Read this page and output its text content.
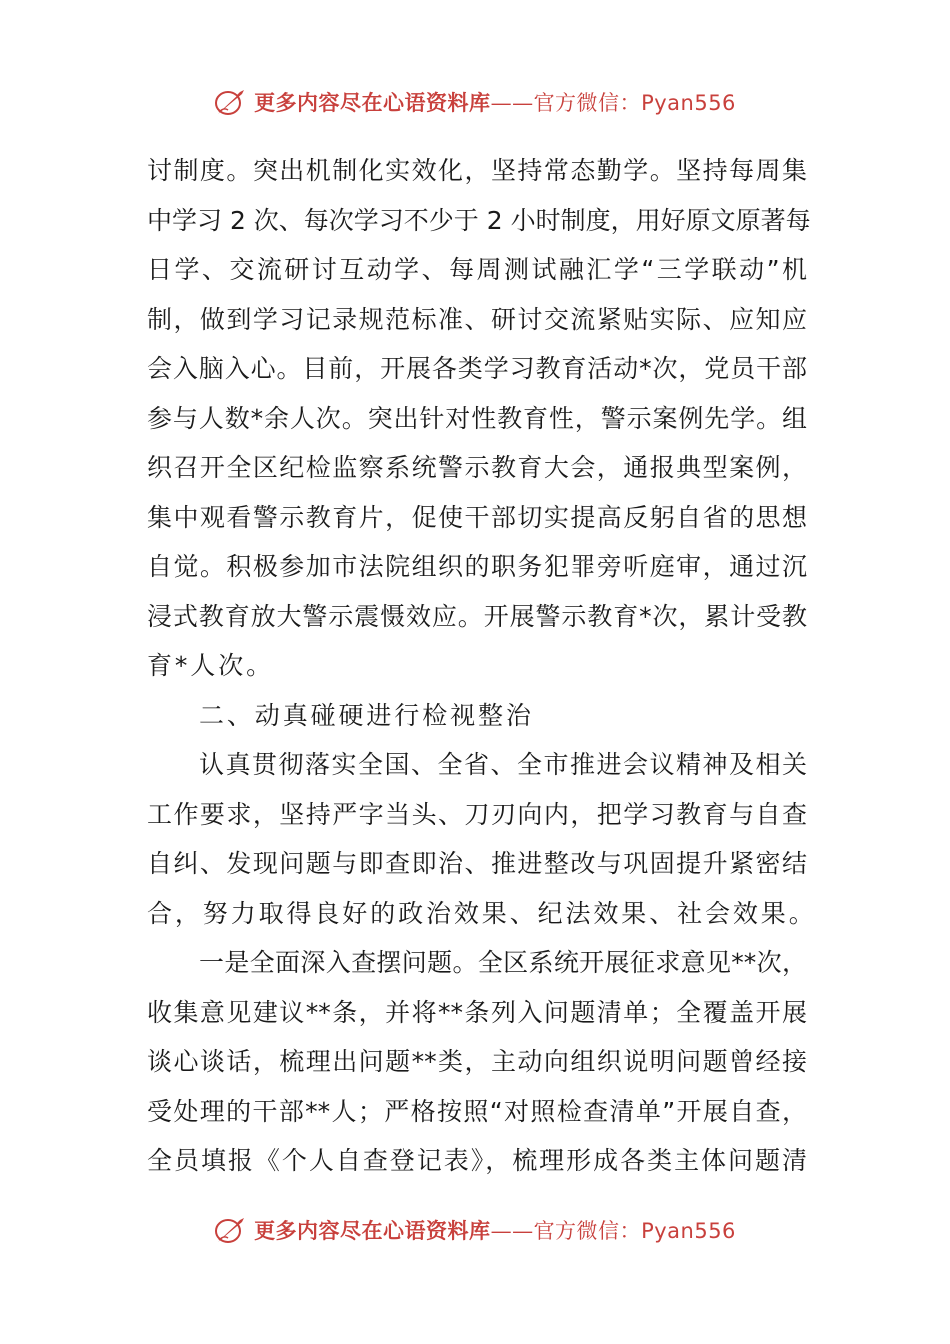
更多内容尽在心语资料库——官方微信：Pyan556
讨制度。突出机制化实效化，坚持常态勤学。坚持每周集
中学习 2 次、每次学习不少于 2 小时制度，用好原文原著每
日学、交流研讨互动学、每周测试融汇学“三学联动”机
制，做到学习记录规范标准、研讨交流紧贴实际、应知应
会入脑入心。目前，开展各类学习教育活动*次，党员干部
参与人数*余人次。突出针对性教育性，警示案例先学。组
织召开全区纪检监察系统警示教育大会，通报典型案例，
集中观看警示教育片，促使干部切实提高反躬自省的思想
自觉。积极参加市法院组织的职务犯罪旁听庭审，通过沉
浸式教育放大警示震慑效应。开展警示教育*次，累计受教
育*人次。
二、动真碰硬进行检视整治
认真贯彻落实全国、全省、全市推进会议精神及相关
工作要求，坚持严字当头、刀刃向内，把学习教育与自查
自纠、发现问题与即查即治、推进整改与巩固提升紧密结
合，努力取得良好的政治效果、纪法效果、社会效果。
一是全面深入查摆问题。全区系统开展征求意见**次，
收集意见建议**条，并将**条列入问题清单；全覆盖开展
谈心谈话，梳理出问题**类，主动向组织说明问题曾经接
受处理的干部**人；严格按照“对照检查清单”开展自查，
全员填报《个人自查登记表》，梳理形成各类主体问题清
更多内容尽在心语资料库——官方微信：Pyan556
